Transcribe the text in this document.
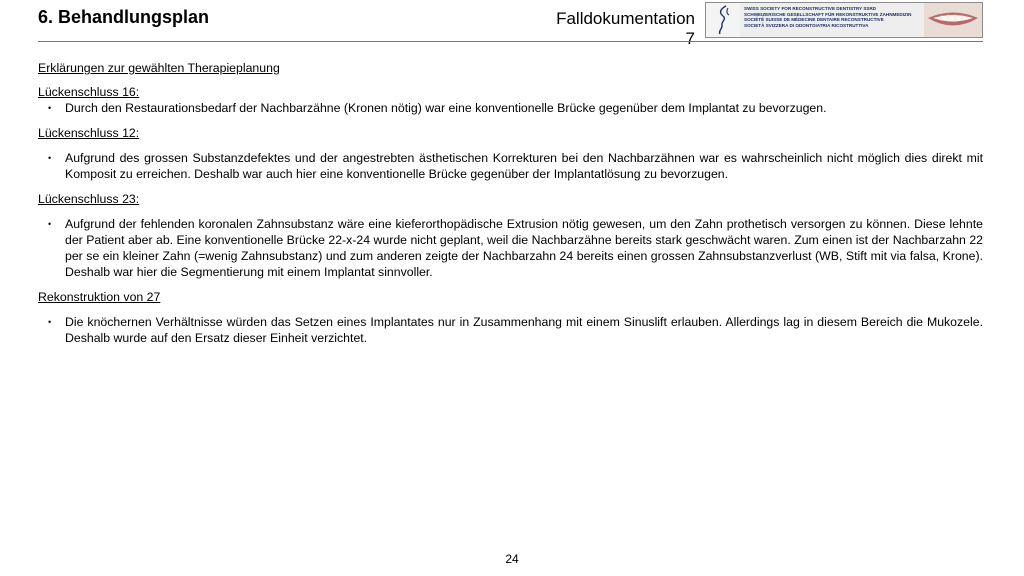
6. Behandlungsplan	Falldokumentation
7
SWISS SOCIETY FOR RECONSTRUCTIVE DENTISTRY SSRD
SCHWEIZERISCHE GESELLSCHAFT FÜR REKONSTRUKTIVE ZAHNMEDIZIN
SOCIÉTÉ SUISSE DE MÉDECINE DENTAIRE RECONSTRUCTIVE
SOCIETÀ SVIZZERA DI ODONTOIATRIA RICOSTRUTTIVA

Erklärungen zur gewählten Therapieplanung

Lückenschluss 16:

• Durch den Restaurationsbedarf der Nachbarzähne (Kronen nötig) war eine konventionelle Brücke gegenüber dem Implantat zu bevorzugen.

Lückenschluss 12:

• Aufgrund des grossen Substanzdefektes und der angestrebten ästhetischen Korrekturen bei den Nachbarzähnen war es wahrscheinlich nicht möglich dies direkt mit Komposit zu erreichen. Deshalb war auch hier eine konventionelle Brücke gegenüber der Implantatlösung zu bevorzugen.

Lückenschluss 23:

• Aufgrund der fehlenden koronalen Zahnsubstanz wäre eine kieferorthopädische Extrusion nötig gewesen, um den Zahn prothetisch versorgen zu können. Diese lehnte der Patient aber ab. Eine konventionelle Brücke 22-x-24 wurde nicht geplant, weil die Nachbarzähne bereits stark geschwächt waren. Zum einen ist der Nachbarzahn 22 per se ein kleiner Zahn (=wenig Zahnsubstanz) und zum anderen zeigte der Nachbarzahn 24 bereits einen grossen Zahnsubstanzverlust (WB, Stift mit via falsa, Krone). Deshalb war hier die Segmentierung mit einem Implantat sinnvoller.

Rekonstruktion von 27

• Die knöchernen Verhältnisse würden das Setzen eines Implantates nur in Zusammenhang mit einem Sinuslift erlauben. Allerdings lag in diesem Bereich die Mukozele. Deshalb wurde auf den Ersatz dieser Einheit verzichtet.

24
